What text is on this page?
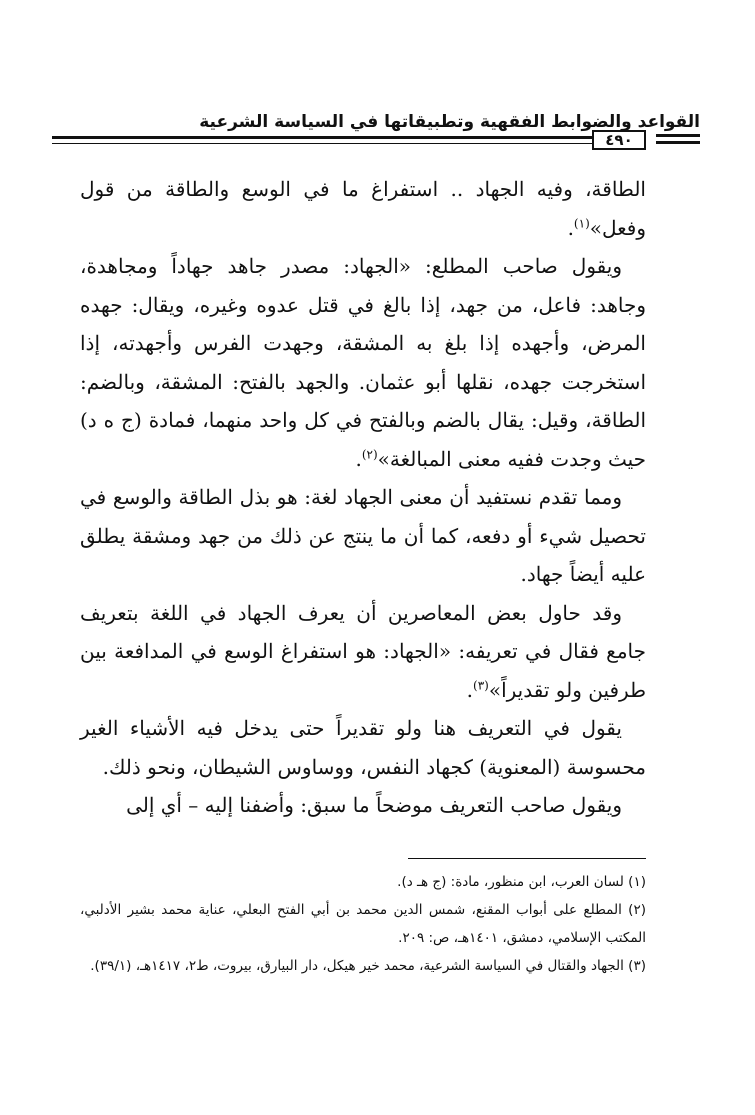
القواعد والضوابط الفقهية وتطبيقاتها في السياسة الشرعية
٤٩٠

الطاقة، وفيه الجهاد .. استفراغ ما في الوسع والطاقة من قول وفعل»$^{(١)}$.

ويقول صاحب المطلع: «الجهاد: مصدر جاهد جهاداً ومجاهدة، وجاهد: فاعل، من جهد، إذا بالغ في قتل عدوه وغيره، ويقال: جهده المرض، وأجهده إذا بلغ به المشقة، وجهدت الفرس وأجهدته، إذا استخرجت جهده، نقلها أبو عثمان. والجهد بالفتح: المشقة، وبالضم: الطاقة، وقيل: يقال بالضم وبالفتح في كل واحد منهما، فمادة (ج ه د) حيث وجدت ففيه معنى المبالغة»$^{(٢)}$.

ومما تقدم نستفيد أن معنى الجهاد لغة: هو بذل الطاقة والوسع في تحصيل شيء أو دفعه، كما أن ما ينتج عن ذلك من جهد ومشقة يطلق عليه أيضاً جهاد.

وقد حاول بعض المعاصرين أن يعرف الجهاد في اللغة بتعريف جامع فقال في تعريفه: «الجهاد: هو استفراغ الوسع في المدافعة بين طرفين ولو تقديراً»$^{(٣)}$.

يقول في التعريف هنا ولو تقديراً حتى يدخل فيه الأشياء الغير محسوسة (المعنوية) كجهاد النفس، ووساوس الشيطان، ونحو ذلك.

ويقول صاحب التعريف موضحاً ما سبق: وأضفنا إليه – أي إلى

(١) لسان العرب، ابن منظور، مادة: (ج هـ د).

(٢) المطلع على أبواب المقنع، شمس الدين محمد بن أبي الفتح البعلي، عناية محمد بشير الأدلبي، المكتب الإسلامي، دمشق، ١٤٠١هـ، ص: ٢٠٩.

(٣) الجهاد والقتال في السياسة الشرعية، محمد خير هيكل، دار البيارق، بيروت، ط٢، ١٤١٧هـ، (٣٩/١).
